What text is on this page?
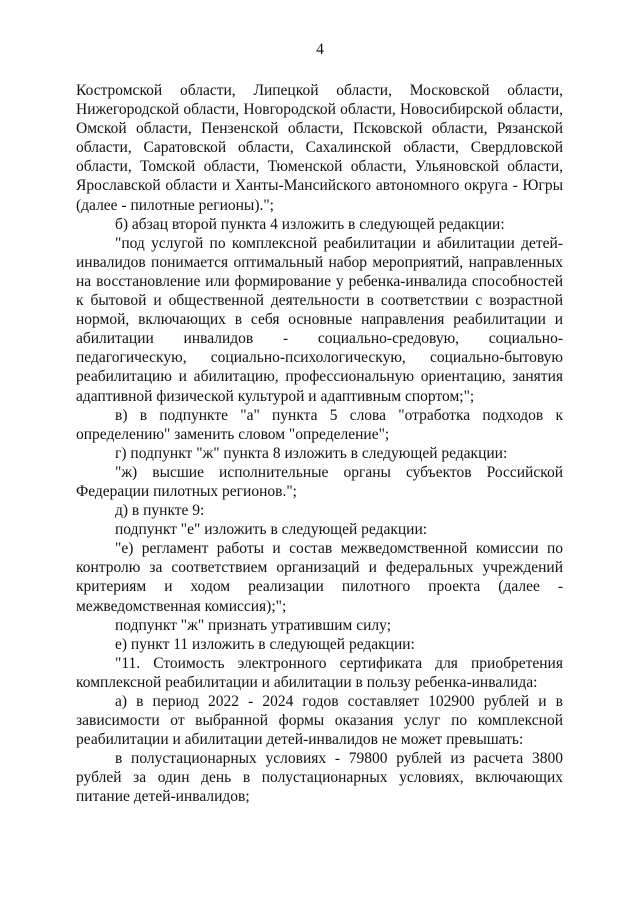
4

Костромской области, Липецкой области, Московской области, Нижегородской области, Новгородской области, Новосибирской области, Омской области, Пензенской области, Псковской области, Рязанской области, Саратовской области, Сахалинской области, Свердловской области, Томской области, Тюменской области, Ульяновской области, Ярославской области и Ханты-Мансийского автономного округа - Югры (далее - пилотные регионы).";

б) абзац второй пункта 4 изложить в следующей редакции:

"под услугой по комплексной реабилитации и абилитации детей-инвалидов понимается оптимальный набор мероприятий, направленных на восстановление или формирование у ребенка-инвалида способностей к бытовой и общественной деятельности в соответствии с возрастной нормой, включающих в себя основные направления реабилитации и абилитации инвалидов - социально-средовую, социально-педагогическую, социально-психологическую, социально-бытовую реабилитацию и абилитацию, профессиональную ориентацию, занятия адаптивной физической культурой и адаптивным спортом;";

в) в подпункте "а" пункта 5 слова "отработка подходов к определению" заменить словом "определение";

г) подпункт "ж" пункта 8 изложить в следующей редакции:

"ж) высшие исполнительные органы субъектов Российской Федерации пилотных регионов.";

д) в пункте 9:

подпункт "е" изложить в следующей редакции:

"е) регламент работы и состав межведомственной комиссии по контролю за соответствием организаций и федеральных учреждений критериям и ходом реализации пилотного проекта (далее - межведомственная комиссия);";

подпункт "ж" признать утратившим силу;

е) пункт 11 изложить в следующей редакции:

"11. Стоимость электронного сертификата для приобретения комплексной реабилитации и абилитации в пользу ребенка-инвалида:

а) в период 2022 - 2024 годов составляет 102900 рублей и в зависимости от выбранной формы оказания услуг по комплексной реабилитации и абилитации детей-инвалидов не может превышать:

в полустационарных условиях - 79800 рублей из расчета 3800 рублей за один день в полустационарных условиях, включающих питание детей-инвалидов;
